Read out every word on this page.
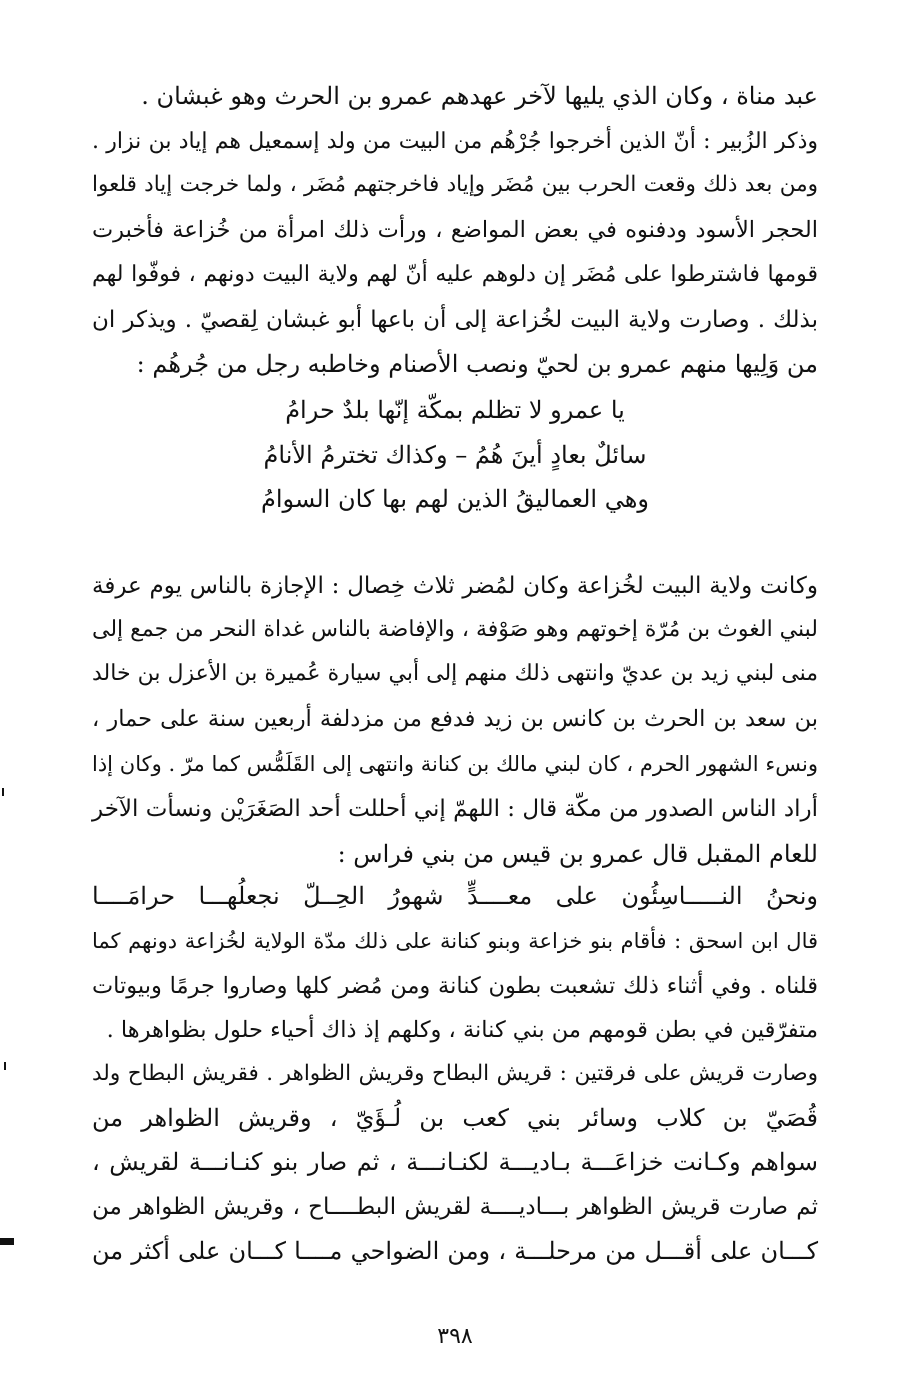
عبد مناة ، وكان الذي يليها لآخر عهدهم عمرو بن الحرث وهو غبشان .
وذكر الزُبير : أنّ الذين أخرجوا جُرْهُم من البيت من ولد إسمعيل هم إياد بن نزار .
ومن بعد ذلك وقعت الحرب بين مُضَر وإياد فاخرجتهم مُضَر ، ولما خرجت إياد قلعوا
الحجر الأسود ودفنوه في بعض المواضع ، ورأت ذلك امرأة من خُزاعة فأخبرت
قومها فاشترطوا على مُضَر إن دلوهم عليه أنّ لهم ولاية البيت دونهم ، فوفّوا لهم
بذلك . وصارت ولاية البيت لخُزاعة إلى أن باعها أبو غبشان لِقصيّ . ويذكر ان
من وَلِيها منهم عمرو بن لحيّ ونصب الأصنام وخاطبه رجل من جُرهُم :
يا عمرو لا تظلم بمكّة إنّها بلدٌ حرامُ
سائلٌ بعادٍ أينَ هُمُ – وكذاك تخترمُ الأنامُ
وهي العماليقُ الذين لهم بها كان السوامُ
وكانت ولاية البيت لخُزاعة وكان لمُضر ثلاث خِصال : الإجازة بالناس يوم عرفة
لبني الغوث بن مُرّة إخوتهم وهو صَوْفة ، والإفاضة بالناس غداة النحر من جمع إلى
منى لبني زيد بن عديّ وانتهى ذلك منهم إلى أبي سيارة عُميرة بن الأعزل بن خالد
بن سعد بن الحرث بن كانس بن زيد فدفع من مزدلفة أربعين سنة على حمار ،
ونسء الشهور الحرم ، كان لبني مالك بن كنانة وانتهى إلى القَلَمُّس كما مرّ . وكان إذا
أراد الناس الصدور من مكّة قال : اللهمّ إني أحللت أحد الصَغَرَيْن ونسأت الآخر
للعام المقبل قال عمرو بن قيس من بني فراس :
ونحنُ النـــــاسِئُون على معــــدٍّ شهورُ الحِــلّ نجعلُهـــا حرامَــــا
قال ابن اسحق : فأقام بنو خزاعة وبنو كنانة على ذلك مدّة الولاية لخُزاعة دونهم كما
قلناه . وفي أثناء ذلك تشعبت بطون كنانة ومن مُضر كلها وصاروا جرمًا وبيوتات
متفرّقين في بطن قومهم من بني كنانة ، وكلهم إذ ذاك أحياء حلول بظواهرها .
وصارت قريش على فرقتين : قريش البطاح وقريش الظواهر . فقريش البطاح ولد
قُصَيّ بن كلاب وسائر بني كعب بن لُـؤَيّ ، وقريش الظواهر من
سواهم وكـانت خزاعَـــة بـاديـــة لكنـانـــة ، ثم صار بنو كنـانـــة لقريش ،
ثم صارت قريش الظواهر بـــاديــــة لقريش البطــــاح ، وقريش الظواهر من
كـــان على أقـــل من مرحلـــة ، ومن الضواحي مــــا كـــان على أكثر من
٣٩٨
